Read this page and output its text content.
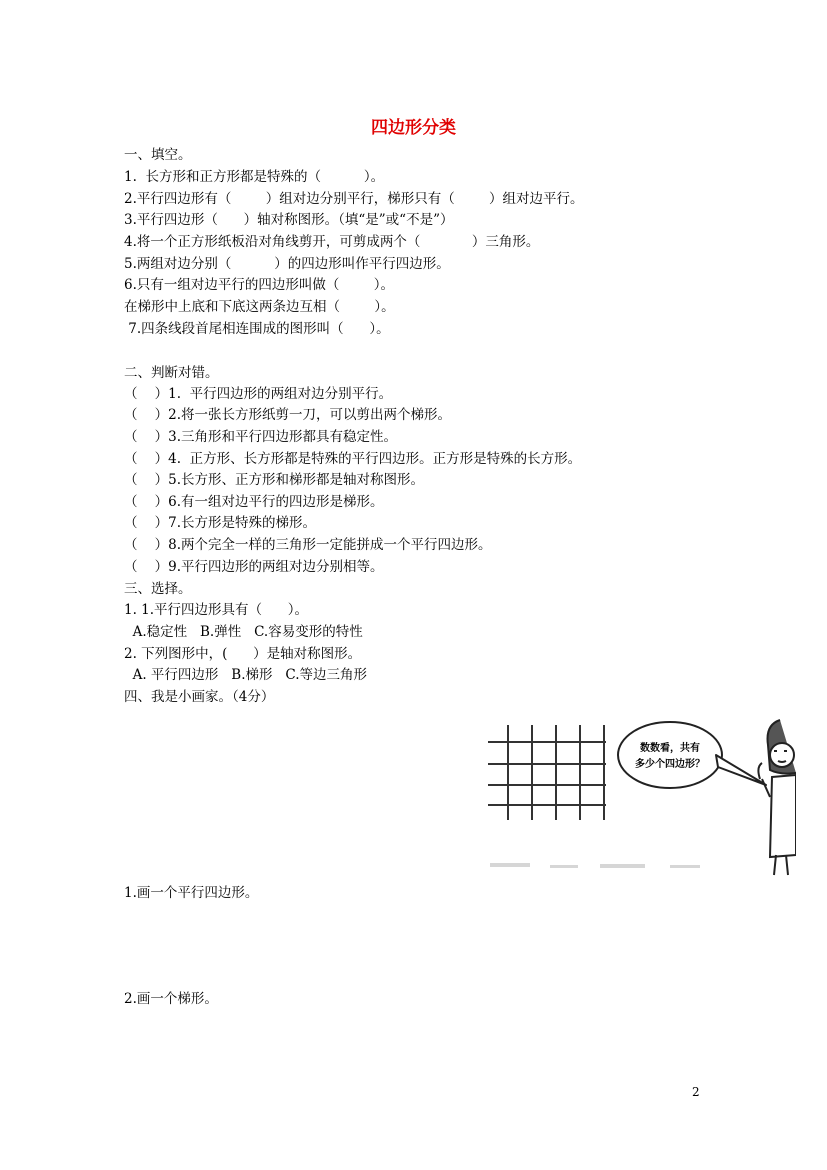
四边形分类
一、填空。
1.  长方形和正方形都是特殊的（          ）。
2.平行四边形有（        ）组对边分别平行，梯形只有（        ）组对边平行。
3.平行四边形（      ）轴对称图形。（填“是”或“不是”）
4.将一个正方形纸板沿对角线剪开，可剪成两个（            ）三角形。
5.两组对边分别（          ）的四边形叫作平行四边形。
6.只有一组对边平行的四边形叫做（        ）。
在梯形中上底和下底这两条边互相（        ）。
7.四条线段首尾相连围成的图形叫（      ）。
二、判断对错。
（    ）1.  平行四边形的两组对边分别平行。
（    ）2.将一张长方形纸剪一刀，可以剪出两个梯形。
（    ）3.三角形和平行四边形都具有稳定性。
（    ）4.  正方形、长方形都是特殊的平行四边形。正方形是特殊的长方形。
（    ）5.长方形、正方形和梯形都是轴对称图形。
（    ）6.有一组对边平行的四边形是梯形。
（    ）7.长方形是特殊的梯形。
（    ）8.两个完全一样的三角形一定能拼成一个平行四边形。
（    ）9.平行四边形的两组对边分别相等。
三、选择。
1. 1.平行四边形具有（      ）。
A.稳定性   B.弹性   C.容易变形的特性
2. 下列图形中，(      ）是轴对称图形。
A. 平行四边形   B.梯形   C.等边三角形
四、我是小画家。（4分）
数数看，共有
多少个四边形？
1.画一个平行四边形。
2.画一个梯形。
2
